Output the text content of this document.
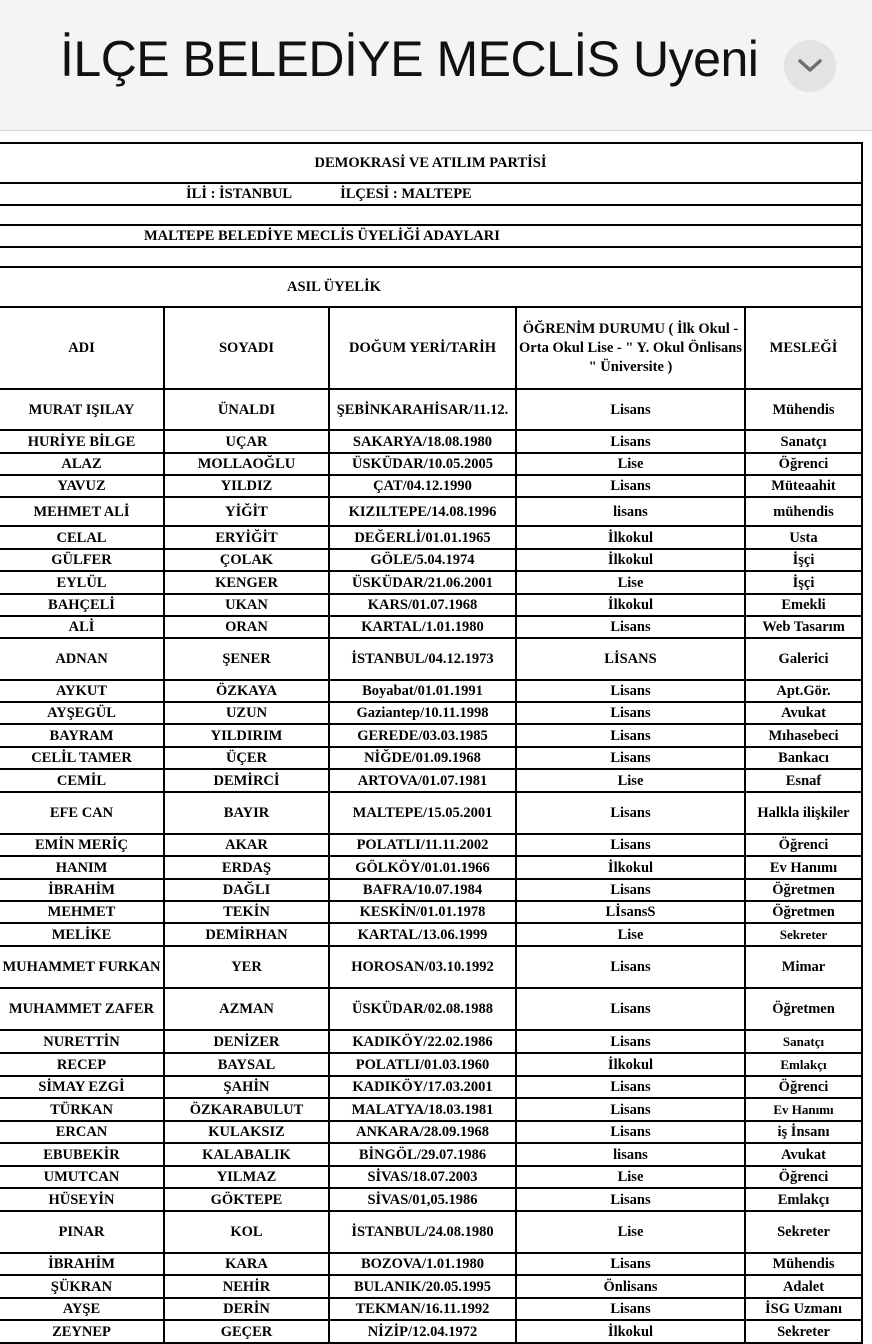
İLÇE BELEDİYE MECLİS Uyeni
DEMOKRASİ VE ATILIM PARTİSİ				
İLİ : İSTANBUL İLÇESİ : MALTEPE				

MALTEPE BELEDİYE MECLİS ÜYELİĞİ ADAYLARI				

ASIL ÜYELİK				
ADI	SOYADI	DOĞUM YERİ/TARİH	ÖĞRENİM DURUMU ( İlk Okul - Orta Okul Lise - " Y. Okul Önlisans " Üniversite )	MESLEĞİ
MURAT IŞILAY	ÜNALDI	ŞEBİNKARAHİSAR/11.12.	Lisans	Mühendis
HURİYE BİLGE	UÇAR	SAKARYA/18.08.1980	Lisans	Sanatçı
ALAZ	MOLLAOĞLU	ÜSKÜDAR/10.05.2005	Lise	Öğrenci
YAVUZ	YILDIZ	ÇAT/04.12.1990	Lisans	Müteaahit
MEHMET ALİ	YİĞİT	KIZILTEPE/14.08.1996	lisans	mühendis
CELAL	ERYİĞİT	DEĞERLİ/01.01.1965	İlkokul	Usta
GÜLFER	ÇOLAK	GÖLE/5.04.1974	İlkokul	İşçi
EYLÜL	KENGER	ÜSKÜDAR/21.06.2001	Lise	İşçi
BAHÇELİ	UKAN	KARS/01.07.1968	İlkokul	Emekli
ALİ	ORAN	KARTAL/1.01.1980	Lisans	Web Tasarım
ADNAN	ŞENER	İSTANBUL/04.12.1973	LİSANS	Galerici
AYKUT	ÖZKAYA	Boyabat/01.01.1991	Lisans	Apt.Gör.
AYŞEGÜL	UZUN	Gaziantep/10.11.1998	Lisans	Avukat
BAYRAM	YILDIRIM	GEREDE/03.03.1985	Lisans	Mıhasebeci
CELİL TAMER	ÜÇER	NİĞDE/01.09.1968	Lisans	Bankacı
CEMİL	DEMİRCİ	ARTOVA/01.07.1981	Lise	Esnaf
EFE CAN	BAYIR	MALTEPE/15.05.2001	Lisans	Halkla ilişkiler
EMİN MERİÇ	AKAR	POLATLI/11.11.2002	Lisans	Öğrenci
HANIM	ERDAŞ	GÖLKÖY/01.01.1966	İlkokul	Ev Hanımı
İBRAHİM	DAĞLI	BAFRA/10.07.1984	Lisans	Öğretmen
MEHMET	TEKİN	KESKİN/01.01.1978	LİsansS	Öğretmen
MELİKE	DEMİRHAN	KARTAL/13.06.1999	Lise	Sekreter
MUHAMMET FURKAN	YER	HOROSAN/03.10.1992	Lisans	Mimar
MUHAMMET ZAFER	AZMAN	ÜSKÜDAR/02.08.1988	Lisans	Öğretmen
NURETTİN	DENİZER	KADIKÖY/22.02.1986	Lisans	Sanatçı
RECEP	BAYSAL	POLATLI/01.03.1960	İlkokul	Emlakçı
SİMAY EZGİ	ŞAHİN	KADIKÖY/17.03.2001	Lisans	Öğrenci
TÜRKAN	ÖZKARABULUT	MALATYA/18.03.1981	Lisans	Ev Hanımı
ERCAN	KULAKSIZ	ANKARA/28.09.1968	Lisans	iş İnsanı
EBUBEKİR	KALABALIK	BİNGÖL/29.07.1986	lisans	Avukat
UMUTCAN	YILMAZ	SİVAS/18.07.2003	Lise	Öğrenci
HÜSEYİN	GÖKTEPE	SİVAS/01,05.1986	Lisans	Emlakçı
PINAR	KOL	İSTANBUL/24.08.1980	Lise	Sekreter
İBRAHİM	KARA	BOZOVA/1.01.1980	Lisans	Mühendis
ŞÜKRAN	NEHİR	BULANIK/20.05.1995	Önlisans	Adalet
AYŞE	DERİN	TEKMAN/16.11.1992	Lisans	İSG Uzmanı
ZEYNEP	GEÇER	NİZİP/12.04.1972	İlkokul	Sekreter
